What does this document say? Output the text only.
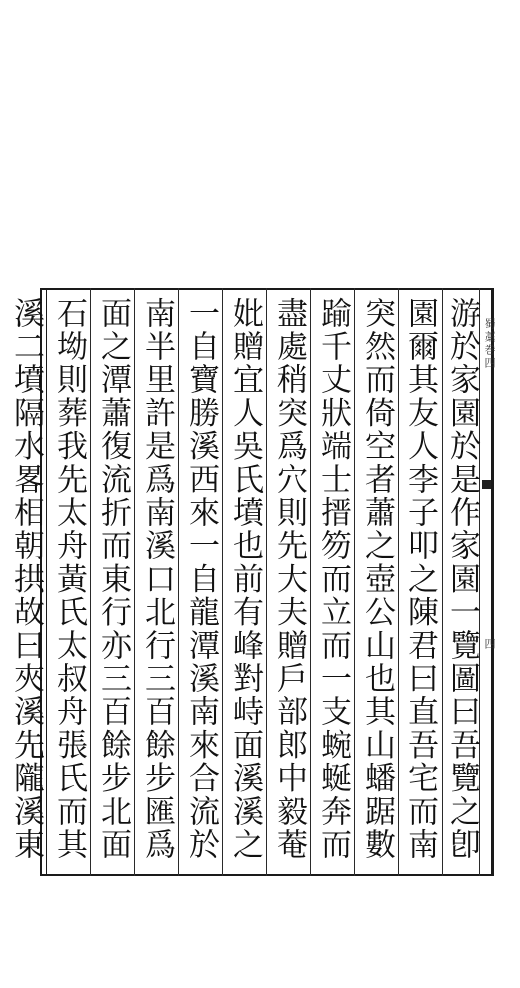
蜀藁巻四
四
游於家園於是作家園一覽圖曰吾覽之卽
園爾其友人李子叩之陳君曰直吾宅而南
突然而倚空者蕭之壺公山也其山蟠踞數
踰千丈狀端士搢笏而立而一支蜿蜒奔而
盡處稍突爲穴則先大夫贈戶部郎中毅菴
妣贈宜人吳氏墳也前有峰對峙面溪溪之
一自寶勝溪西來一自龍潭溪南來合流於
南半里許是爲南溪口北行三百餘步匯爲
面之潭蕭復流折而東行亦三百餘步北面
石坳則葬我先太舟黃氏太叔舟張氏而其
溪二墳隔水畧相朝拱故曰夾溪先隴溪東
